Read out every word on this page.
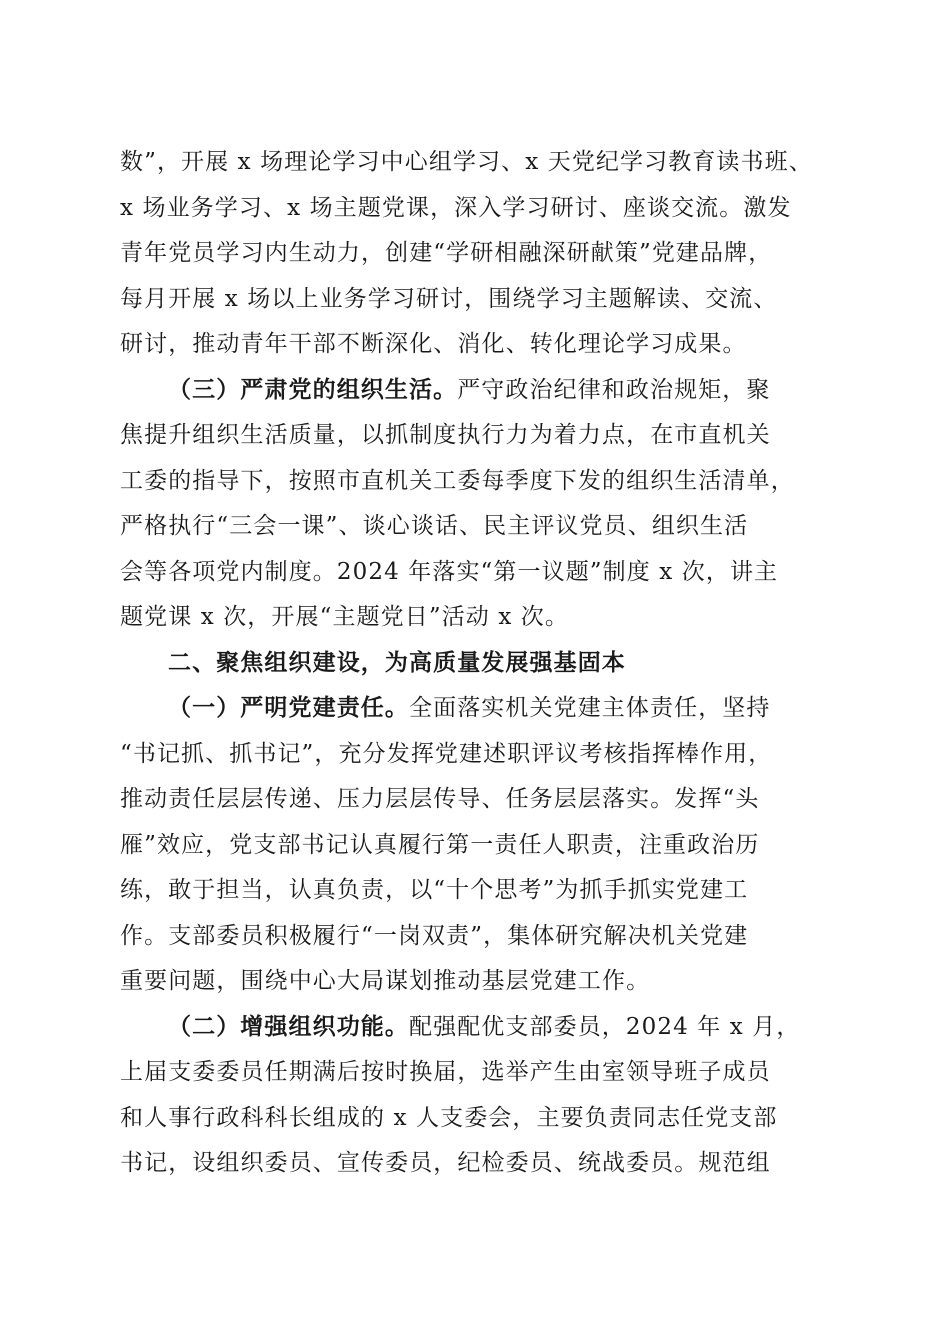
数”，开展 x 场理论学习中心组学习、x 天党纪学习教育读书班、
x 场业务学习、x 场主题党课，深入学习研讨、座谈交流。激发
青年党员学习内生动力，创建“学研相融深研献策”党建品牌，
每月开展 x 场以上业务学习研讨，围绕学习主题解读、交流、
研讨，推动青年干部不断深化、消化、转化理论学习成果。
（三）严肃党的组织生活。严守政治纪律和政治规矩，聚
焦提升组织生活质量，以抓制度执行力为着力点，在市直机关
工委的指导下，按照市直机关工委每季度下发的组织生活清单，
严格执行“三会一课”、谈心谈话、民主评议党员、组织生活
会等各项党内制度。2024 年落实“第一议题”制度 x 次，讲主
题党课 x 次，开展“主题党日”活动 x 次。
二、聚焦组织建设，为高质量发展强基固本
（一）严明党建责任。全面落实机关党建主体责任，坚持
“书记抓、抓书记”，充分发挥党建述职评议考核指挥棒作用，
推动责任层层传递、压力层层传导、任务层层落实。发挥“头
雁”效应，党支部书记认真履行第一责任人职责，注重政治历
练，敢于担当，认真负责，以“十个思考”为抓手抓实党建工
作。支部委员积极履行“一岗双责”，集体研究解决机关党建
重要问题，围绕中心大局谋划推动基层党建工作。
（二）增强组织功能。配强配优支部委员，2024 年 x 月，
上届支委委员任期满后按时换届，选举产生由室领导班子成员
和人事行政科科长组成的 x 人支委会，主要负责同志任党支部
书记，设组织委员、宣传委员，纪检委员、统战委员。规范组
